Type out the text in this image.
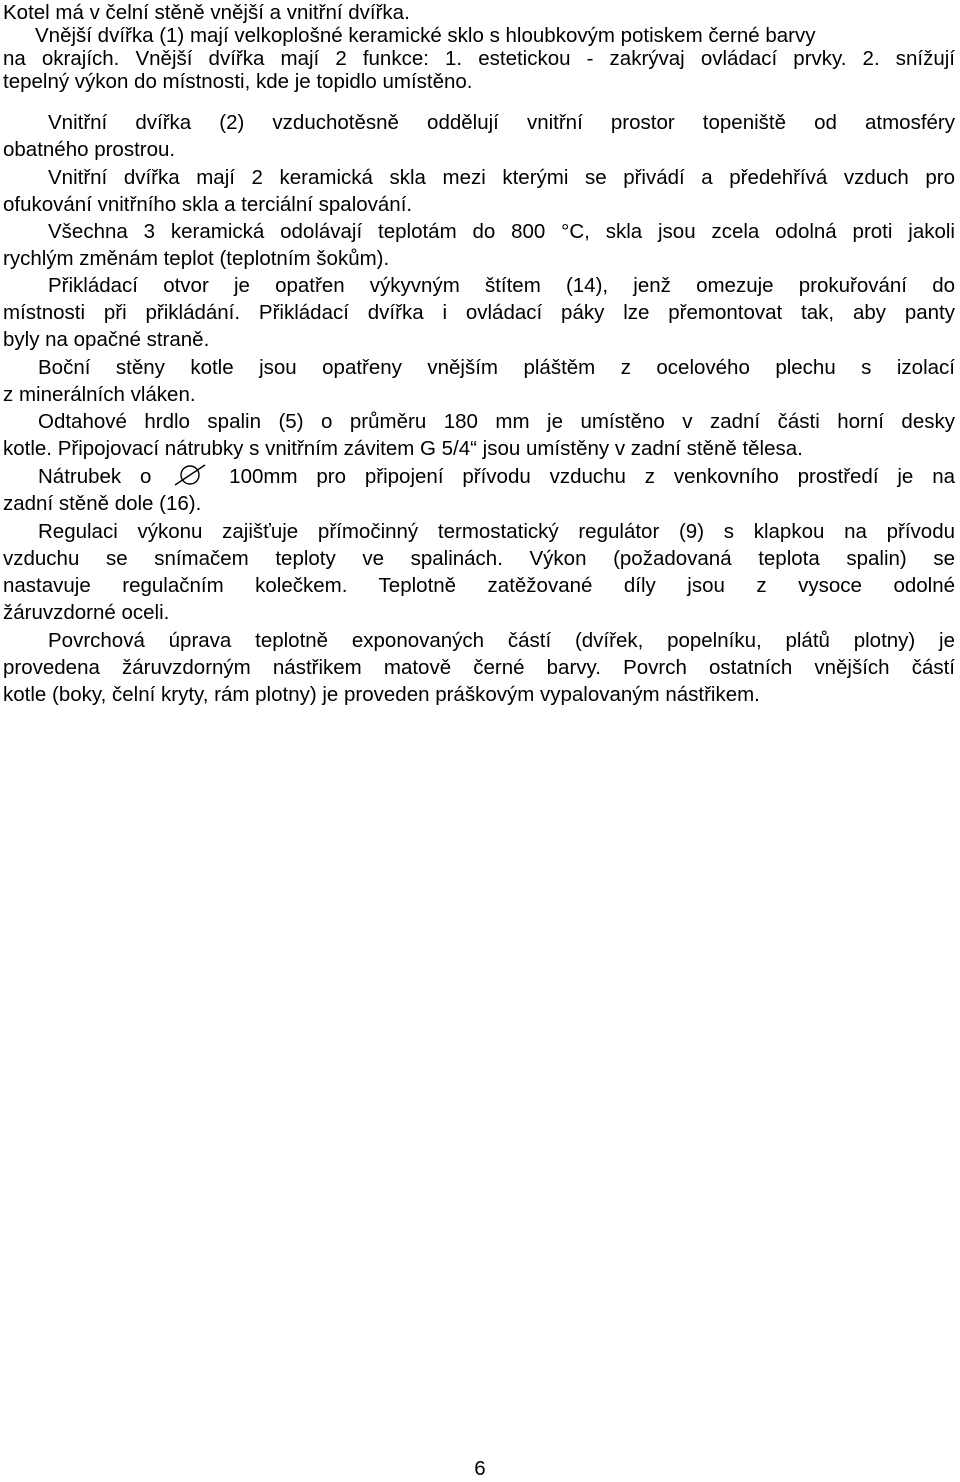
Kotel má v čelní stěně vnější a vnitřní dvířka.
Vnější dvířka (1) mají velkoplošné keramické sklo s hloubkovým potiskem černé barvy
na okrajích. Vnější dvířka mají 2 funkce: 1. estetickou - zakrývaj ovládací prvky. 2. snížují
tepelný výkon do místnosti, kde je topidlo umístěno.
Vnitřní dvířka (2) vzduchotěsně oddělují vnitřní prostor topeniště od atmosféry
obatného prostrou.
Vnitřní dvířka mají 2 keramická skla mezi kterými se přivádí a předehřívá vzduch pro
ofukování vnitřního skla a terciální spalování.
Všechna 3 keramická odolávají teplotám do 800 °C, skla jsou zcela odolná proti jakoli
rychlým změnám teplot (teplotním šokům).
Přikládací otvor je opatřen výkyvným štítem (14), jenž omezuje prokuřování do
místnosti při přikládání. Přikládací dvířka i ovládací páky lze přemontovat tak, aby panty
byly na opačné straně.
Boční stěny kotle jsou opatřeny vnějším pláštěm z ocelového plechu s izolací
z minerálních vláken.
Odtahové hrdlo spalin (5) o průměru 180 mm je umístěno v zadní části horní desky
kotle. Připojovací nátrubky s vnitřním závitem G 5/4“ jsou umístěny v zadní stěně tělesa.
Nátrubek o	100mm pro připojení přívodu vzduchu z venkovního prostředí je na
zadní stěně dole (16).
Regulaci výkonu zajišťuje přímočinný termostatický regulátor (9) s klapkou na přívodu
vzduchu se snímačem teploty ve spalinách. Výkon (požadovaná teplota spalin) se
nastavuje regulačním kolečkem. Teplotně zatěžované díly jsou z vysoce odolné
žáruvzdorné oceli.
Povrchová úprava teplotně exponovaných částí (dvířek, popelníku, plátů plotny) je
provedena žáruvzdorným nástřikem matově černé barvy. Povrch ostatních vnějších částí
kotle (boky, čelní kryty, rám plotny) je proveden práškovým vypalovaným nástřikem.
6
